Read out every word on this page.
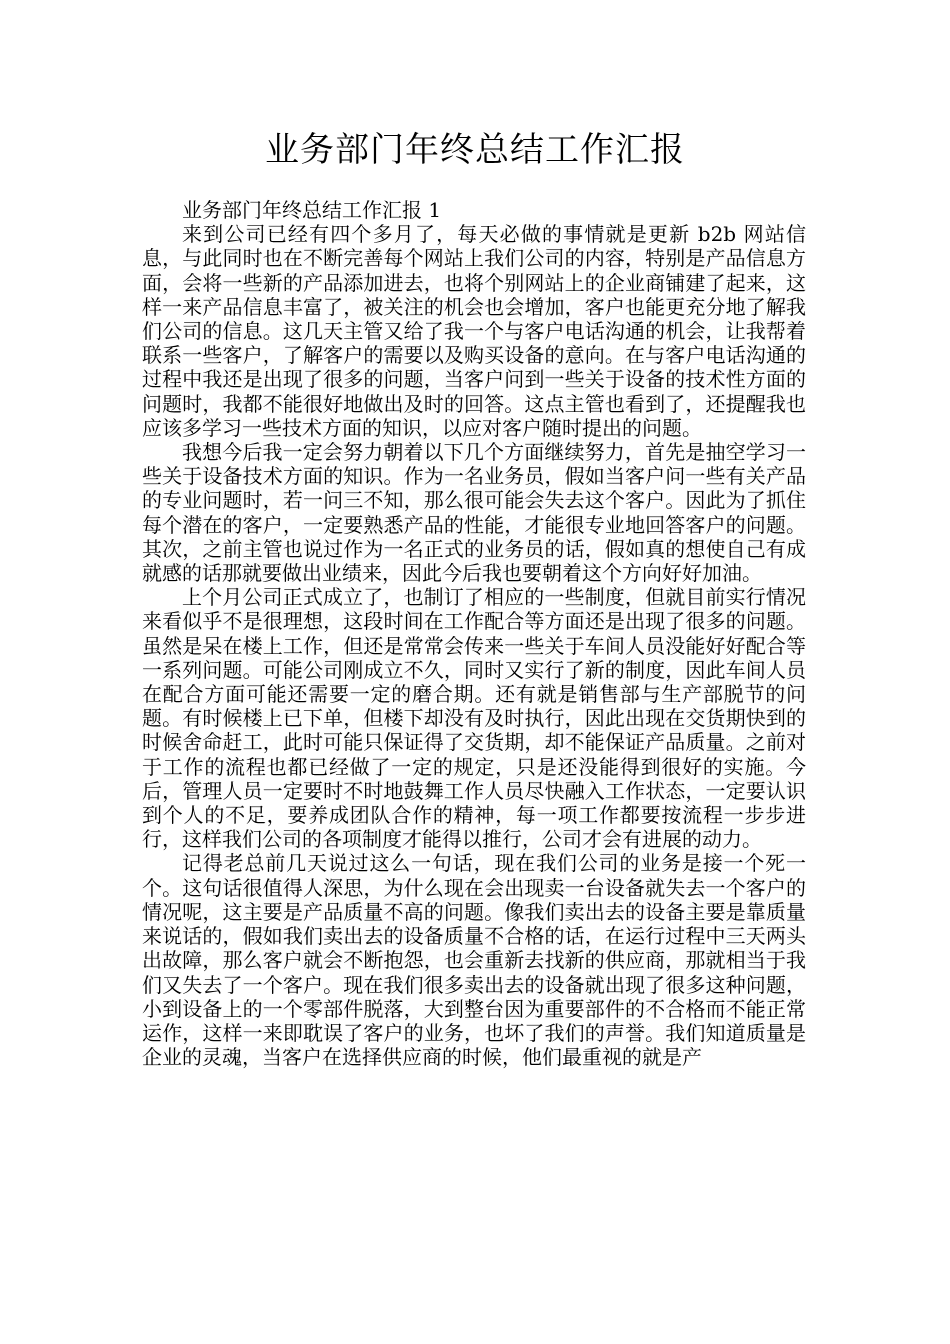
业务部门年终总结工作汇报
业务部门年终总结工作汇报 1

来到公司已经有四个多月了，每天必做的事情就是更新 b2b 网站信息，与此同时也在不断完善每个网站上我们公司的内容，特别是产品信息方面，会将一些新的产品添加进去，也将个别网站上的企业商铺建了起来，这样一来产品信息丰富了，被关注的机会也会增加，客户也能更充分地了解我们公司的信息。这几天主管又给了我一个与客户电话沟通的机会，让我帮着联系一些客户，了解客户的需要以及购买设备的意向。在与客户电话沟通的过程中我还是出现了很多的问题，当客户问到一些关于设备的技术性方面的问题时，我都不能很好地做出及时的回答。这点主管也看到了，还提醒我也应该多学习一些技术方面的知识，以应对客户随时提出的问题。

我想今后我一定会努力朝着以下几个方面继续努力，首先是抽空学习一些关于设备技术方面的知识。作为一名业务员，假如当客户问一些有关产品的专业问题时，若一问三不知，那么很可能会失去这个客户。因此为了抓住每个潜在的客户，一定要熟悉产品的性能，才能很专业地回答客户的问题。其次，之前主管也说过作为一名正式的业务员的话，假如真的想使自己有成就感的话那就要做出业绩来，因此今后我也要朝着这个方向好好加油。

上个月公司正式成立了，也制订了相应的一些制度，但就目前实行情况来看似乎不是很理想，这段时间在工作配合等方面还是出现了很多的问题。虽然是呆在楼上工作，但还是常常会传来一些关于车间人员没能好好配合等一系列问题。可能公司刚成立不久，同时又实行了新的制度，因此车间人员在配合方面可能还需要一定的磨合期。还有就是销售部与生产部脱节的问题。有时候楼上已下单，但楼下却没有及时执行，因此出现在交货期快到的时候舍命赶工，此时可能只保证得了交货期，却不能保证产品质量。之前对于工作的流程也都已经做了一定的规定，只是还没能得到很好的实施。今后，管理人员一定要时不时地鼓舞工作人员尽快融入工作状态，一定要认识到个人的不足，要养成团队合作的精神，每一项工作都要按流程一步步进行，这样我们公司的各项制度才能得以推行，公司才会有进展的动力。

记得老总前几天说过这么一句话，现在我们公司的业务是接一个死一个。这句话很值得人深思，为什么现在会出现卖一台设备就失去一个客户的情况呢，这主要是产品质量不高的问题。像我们卖出去的设备主要是靠质量来说话的，假如我们卖出去的设备质量不合格的话，在运行过程中三天两头出故障，那么客户就会不断抱怨，也会重新去找新的供应商，那就相当于我们又失去了一个客户。现在我们很多卖出去的设备就出现了很多这种问题，小到设备上的一个零部件脱落，大到整台因为重要部件的不合格而不能正常运作，这样一来即耽误了客户的业务，也坏了我们的声誉。我们知道质量是企业的灵魂，当客户在选择供应商的时候，他们最重视的就是产
